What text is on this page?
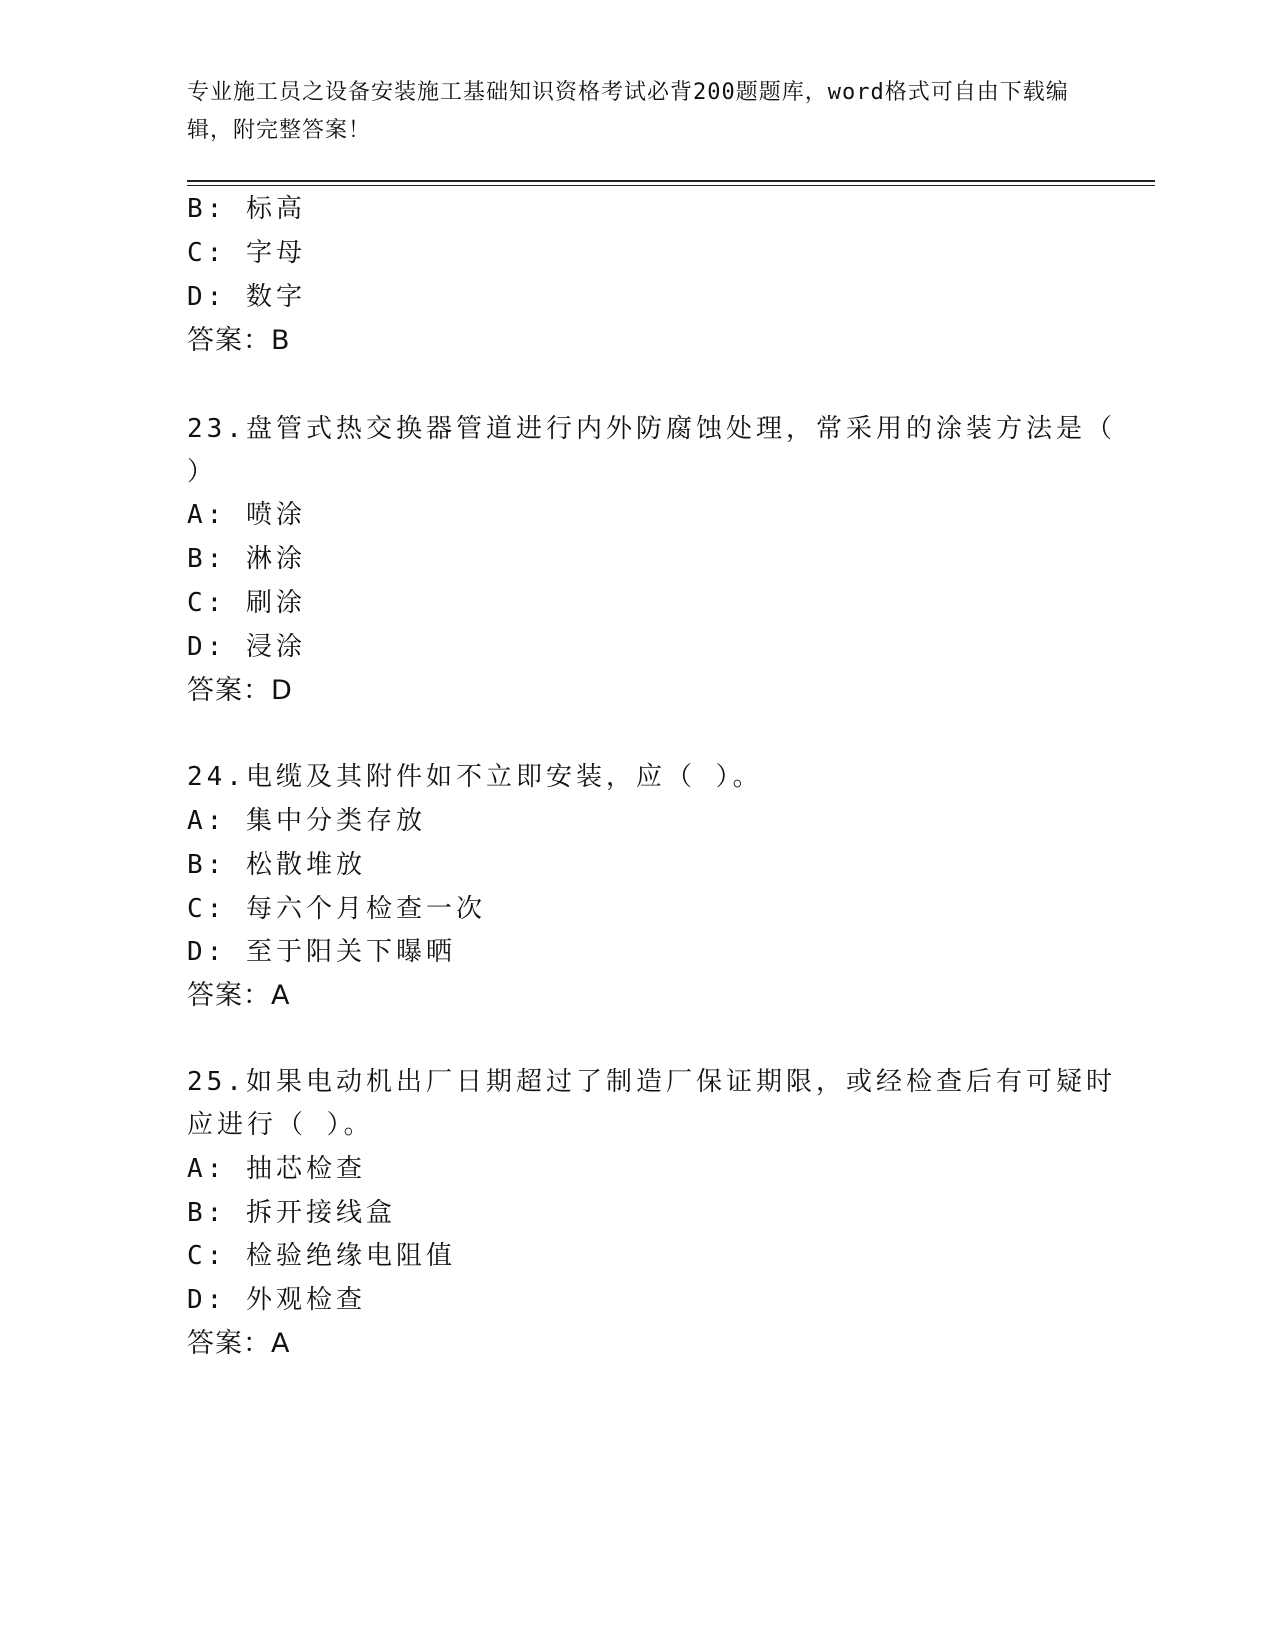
专业施工员之设备安装施工基础知识资格考试必背200题题库，word格式可自由下载编辑，附完整答案！
B: 标高
C: 字母
D: 数字
答案：B
23.盘管式热交换器管道进行内外防腐蚀处理，常采用的涂装方法是（
）
A: 喷涂
B: 淋涂
C: 刷涂
D: 浸涂
答案：D
24.电缆及其附件如不立即安装，应（ ）。
A: 集中分类存放
B: 松散堆放
C: 每六个月检查一次
D: 至于阳关下曝晒
答案：A
25.如果电动机出厂日期超过了制造厂保证期限，或经检查后有可疑时
应进行（ ）。
A: 抽芯检查
B: 拆开接线盒
C: 检验绝缘电阻值
D: 外观检查
答案：A
